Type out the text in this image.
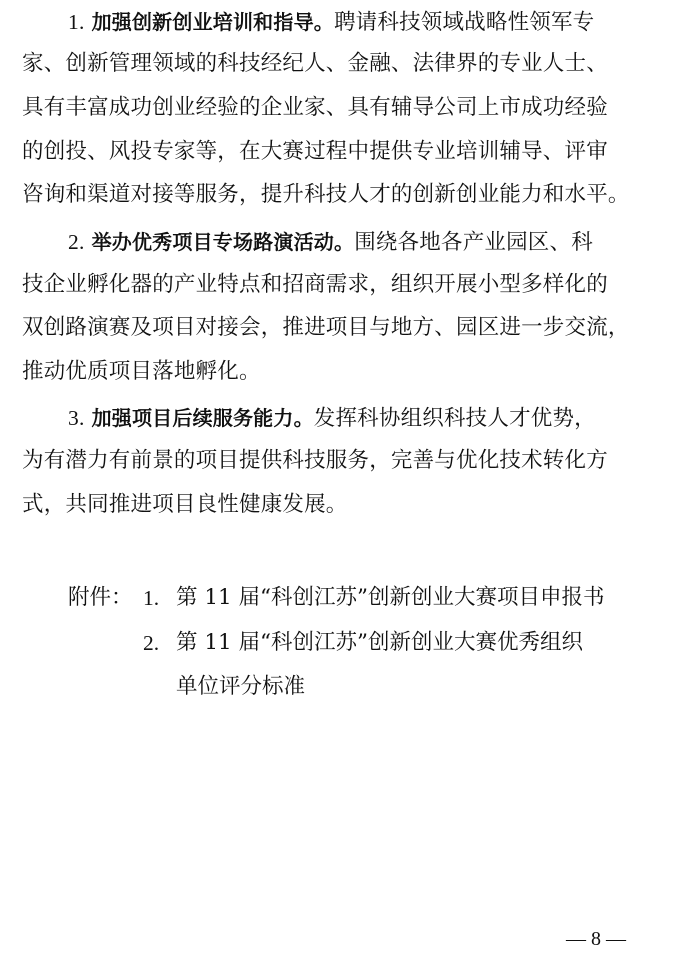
1. 加强创新创业培训和指导。聘请科技领域战略性领军专
家、创新管理领域的科技经纪人、金融、法律界的专业人士、
具有丰富成功创业经验的企业家、具有辅导公司上市成功经验
的创投、风投专家等，在大赛过程中提供专业培训辅导、评审
咨询和渠道对接等服务，提升科技人才的创新创业能力和水平。
2. 举办优秀项目专场路演活动。围绕各地各产业园区、科
技企业孵化器的产业特点和招商需求，组织开展小型多样化的
双创路演赛及项目对接会，推进项目与地方、园区进一步交流，
推动优质项目落地孵化。
3. 加强项目后续服务能力。发挥科协组织科技人才优势，
为有潜力有前景的项目提供科技服务，完善与优化技术转化方
式，共同推进项目良性健康发展。
附件： 1. 第 11 届“科创江苏”创新创业大赛项目申报书
2. 第 11 届“科创江苏”创新创业大赛优秀组织
单位评分标准
— 8 —
